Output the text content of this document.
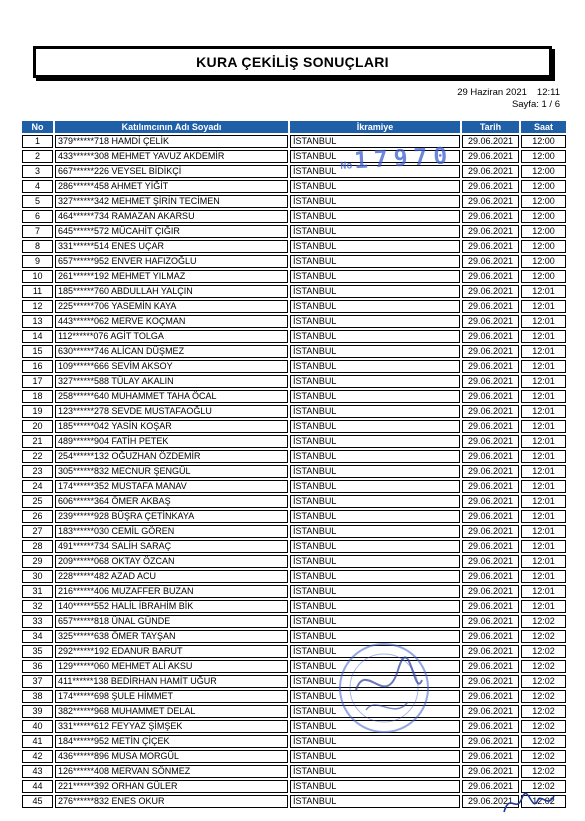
KURA ÇEKİLİŞ SONUÇLARI
29 Haziran 2021 12:11
Sayfa: 1 / 6
No	Katılımcının Adı Soyadı	İkramiye	Tarih	Saat
1	379******718 HAMDİ ÇELİK	İSTANBUL	29.06.2021	12:00
2	433******308 MEHMET YAVUZ AKDEMİR	İSTANBUL	29.06.2021	12:00
3	667******226 VEYSEL BİDİKÇİ	İSTANBUL	29.06.2021	12:00
4	286******458 AHMET YİĞİT	İSTANBUL	29.06.2021	12:00
5	327******342 MEHMET ŞİRİN TECİMEN	İSTANBUL	29.06.2021	12:00
6	464******734 RAMAZAN AKARSU	İSTANBUL	29.06.2021	12:00
7	645******572 MÜCAHİT ÇIĞIR	İSTANBUL	29.06.2021	12:00
8	331******514 ENES UÇAR	İSTANBUL	29.06.2021	12:00
9	657******952 ENVER HAFIZOĞLU	İSTANBUL	29.06.2021	12:00
10	261******192 MEHMET YILMAZ	İSTANBUL	29.06.2021	12:00
11	185******760 ABDULLAH YALÇIN	İSTANBUL	29.06.2021	12:01
12	225******706 YASEMİN KAYA	İSTANBUL	29.06.2021	12:01
13	443******062 MERVE KOÇMAN	İSTANBUL	29.06.2021	12:01
14	112******076 AGİT TOLGA	İSTANBUL	29.06.2021	12:01
15	630******746 ALİCAN DÜŞMEZ	İSTANBUL	29.06.2021	12:01
16	109******666 SEVİM AKSOY	İSTANBUL	29.06.2021	12:01
17	327******588 TÜLAY AKALIN	İSTANBUL	29.06.2021	12:01
18	258******640 MUHAMMET TAHA ÖCAL	İSTANBUL	29.06.2021	12:01
19	123******278 SEVDE MUSTAFAOĞLU	İSTANBUL	29.06.2021	12:01
20	185******042 YASİN KOŞAR	İSTANBUL	29.06.2021	12:01
21	489******904 FATİH PETEK	İSTANBUL	29.06.2021	12:01
22	254******132 OĞUZHAN ÖZDEMİR	İSTANBUL	29.06.2021	12:01
23	305******832 MECNUR ŞENGÜL	İSTANBUL	29.06.2021	12:01
24	174******352 MUSTAFA MANAV	İSTANBUL	29.06.2021	12:01
25	606******364 ÖMER AKBAŞ	İSTANBUL	29.06.2021	12:01
26	239******928 BÜŞRA ÇETİNKAYA	İSTANBUL	29.06.2021	12:01
27	183******030 CEMİL GÖREN	İSTANBUL	29.06.2021	12:01
28	491******734 SALİH SARAÇ	İSTANBUL	29.06.2021	12:01
29	209******068 OKTAY ÖZCAN	İSTANBUL	29.06.2021	12:01
30	228******482 AZAD ACU	İSTANBUL	29.06.2021	12:01
31	216******406 MUZAFFER BUZAN	İSTANBUL	29.06.2021	12:01
32	140******552 HALİL İBRAHİM BİK	İSTANBUL	29.06.2021	12:01
33	657******818 ÜNAL GÜNDE	İSTANBUL	29.06.2021	12:02
34	325******638 ÖMER TAYŞAN	İSTANBUL	29.06.2021	12:02
35	292******192 EDANUR BARUT	İSTANBUL	29.06.2021	12:02
36	129******060 MEHMET ALİ AKSU	İSTANBUL	29.06.2021	12:02
37	411******138 BEDİRHAN HAMİT UĞUR	İSTANBUL	29.06.2021	12:02
38	174******698 ŞULE HİMMET	İSTANBUL	29.06.2021	12:02
39	382******968 MUHAMMET DELAL	İSTANBUL	29.06.2021	12:02
40	331******612 FEYYAZ ŞİMŞEK	İSTANBUL	29.06.2021	12:02
41	184******952 METİN ÇİÇEK	İSTANBUL	29.06.2021	12:02
42	436******896 MUSA MORGÜL	İSTANBUL	29.06.2021	12:02
43	126******408 MERVAN SÖNMEZ	İSTANBUL	29.06.2021	12:02
44	221******392 ORHAN GÜLER	İSTANBUL	29.06.2021	12:02
45	276******832 ENES OKUR	İSTANBUL	29.06.2021	12:02
No17970
